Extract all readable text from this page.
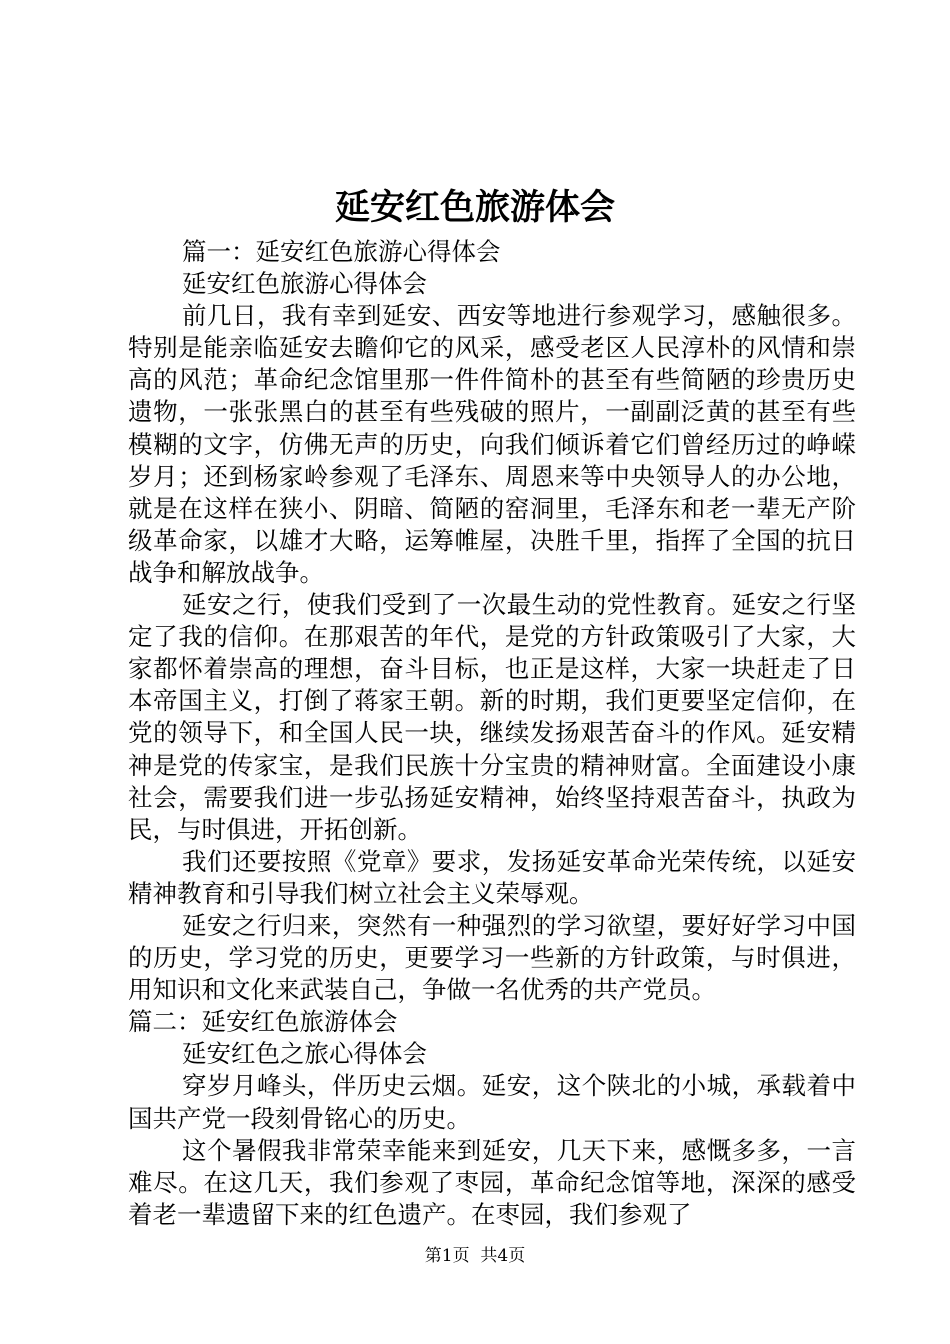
延安红色旅游体会

篇一：延安红色旅游心得体会

延安红色旅游心得体会

前几日，我有幸到延安、西安等地进行参观学习，感触很多。特别是能亲临延安去瞻仰它的风采，感受老区人民淳朴的风情和崇高的风范；革命纪念馆里那一件件简朴的甚至有些简陋的珍贵历史遗物，一张张黑白的甚至有些残破的照片，一副副泛黄的甚至有些模糊的文字，仿佛无声的历史，向我们倾诉着它们曾经历过的峥嵘岁月；还到杨家岭参观了毛泽东、周恩来等中央领导人的办公地，就是在这样在狭小、阴暗、简陋的窑洞里，毛泽东和老一辈无产阶级革命家，以雄才大略，运筹帷屋，决胜千里，指挥了全国的抗日战争和解放战争。

延安之行，使我们受到了一次最生动的党性教育。延安之行坚定了我的信仰。在那艰苦的年代，是党的方针政策吸引了大家，大家都怀着崇高的理想，奋斗目标，也正是这样，大家一块赶走了日本帝国主义，打倒了蒋家王朝。新的时期，我们更要坚定信仰，在党的领导下，和全国人民一块，继续发扬艰苦奋斗的作风。延安精神是党的传家宝，是我们民族十分宝贵的精神财富。全面建设小康社会，需要我们进一步弘扬延安精神，始终坚持艰苦奋斗，执政为民，与时俱进，开拓创新。

我们还要按照《党章》要求，发扬延安革命光荣传统，以延安精神教育和引导我们树立社会主义荣辱观。

延安之行归来，突然有一种强烈的学习欲望，要好好学习中国的历史，学习党的历史，更要学习一些新的方针政策，与时俱进，用知识和文化来武装自己，争做一名优秀的共产党员。

篇二：延安红色旅游体会

延安红色之旅心得体会

穿岁月峰头，伴历史云烟。延安，这个陕北的小城，承载着中国共产党一段刻骨铭心的历史。

这个暑假我非常荣幸能来到延安，几天下来，感慨多多，一言难尽。在这几天，我们参观了枣园，革命纪念馆等地，深深的感受着老一辈遗留下来的红色遗产。在枣园，我们参观了

第1页  共4页
